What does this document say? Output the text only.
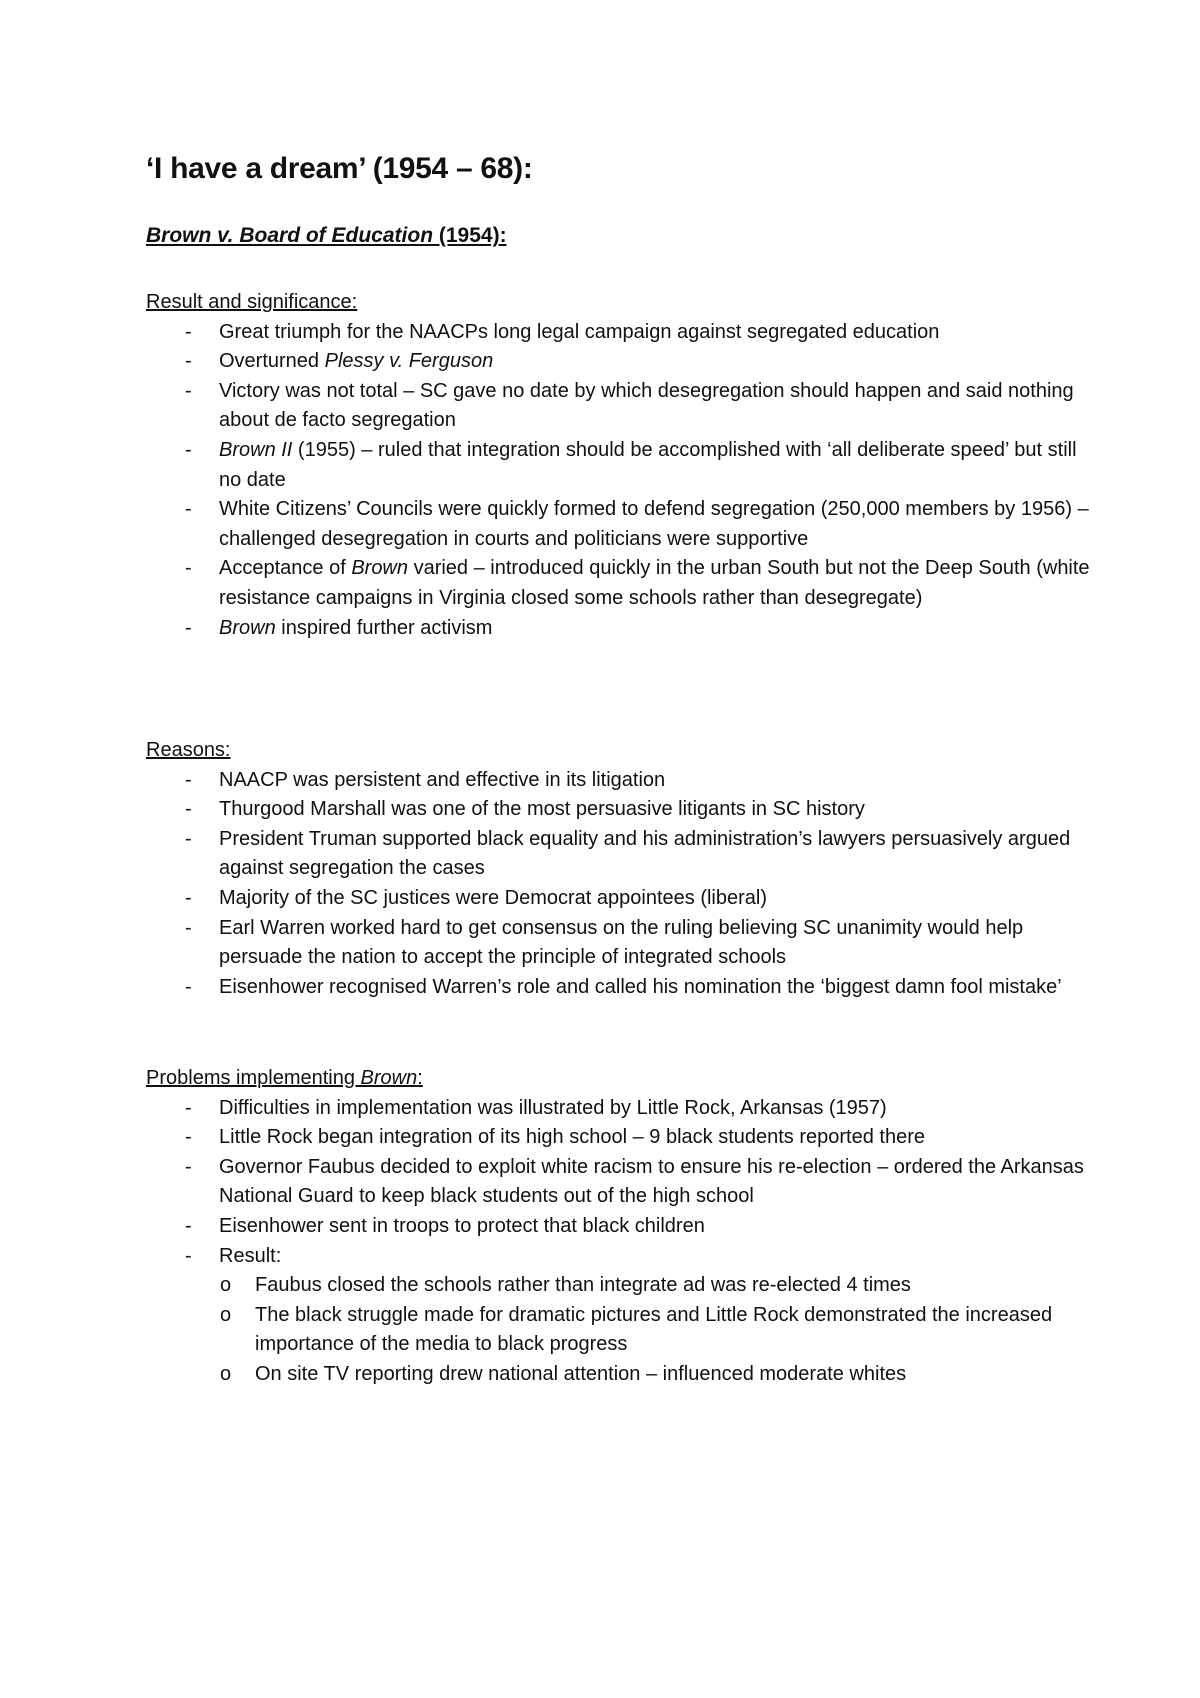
‘I have a dream’ (1954 – 68):
Brown v. Board of Education (1954):
Result and significance:
- Great triumph for the NAACPs long legal campaign against segregated education
- Overturned Plessy v. Ferguson
- Victory was not total – SC gave no date by which desegregation should happen and said nothing about de facto segregation
- Brown II (1955) – ruled that integration should be accomplished with ‘all deliberate speed’ but still no date
- White Citizens’ Councils were quickly formed to defend segregation (250,000 members by 1956) – challenged desegregation in courts and politicians were supportive
- Acceptance of Brown varied – introduced quickly in the urban South but not the Deep South (white resistance campaigns in Virginia closed some schools rather than desegregate)
- Brown inspired further activism
Reasons:
- NAACP was persistent and effective in its litigation
- Thurgood Marshall was one of the most persuasive litigants in SC history
- President Truman supported black equality and his administration’s lawyers persuasively argued against segregation the cases
- Majority of the SC justices were Democrat appointees (liberal)
- Earl Warren worked hard to get consensus on the ruling believing SC unanimity would help persuade the nation to accept the principle of integrated schools
- Eisenhower recognised Warren’s role and called his nomination the ‘biggest damn fool mistake’
Problems implementing Brown:
- Difficulties in implementation was illustrated by Little Rock, Arkansas (1957)
- Little Rock began integration of its high school – 9 black students reported there
- Governor Faubus decided to exploit white racism to ensure his re-election – ordered the Arkansas National Guard to keep black students out of the high school
- Eisenhower sent in troops to protect that black children
- Result:
o Faubus closed the schools rather than integrate ad was re-elected 4 times
o The black struggle made for dramatic pictures and Little Rock demonstrated the increased importance of the media to black progress
o On site TV reporting drew national attention – influenced moderate whites
